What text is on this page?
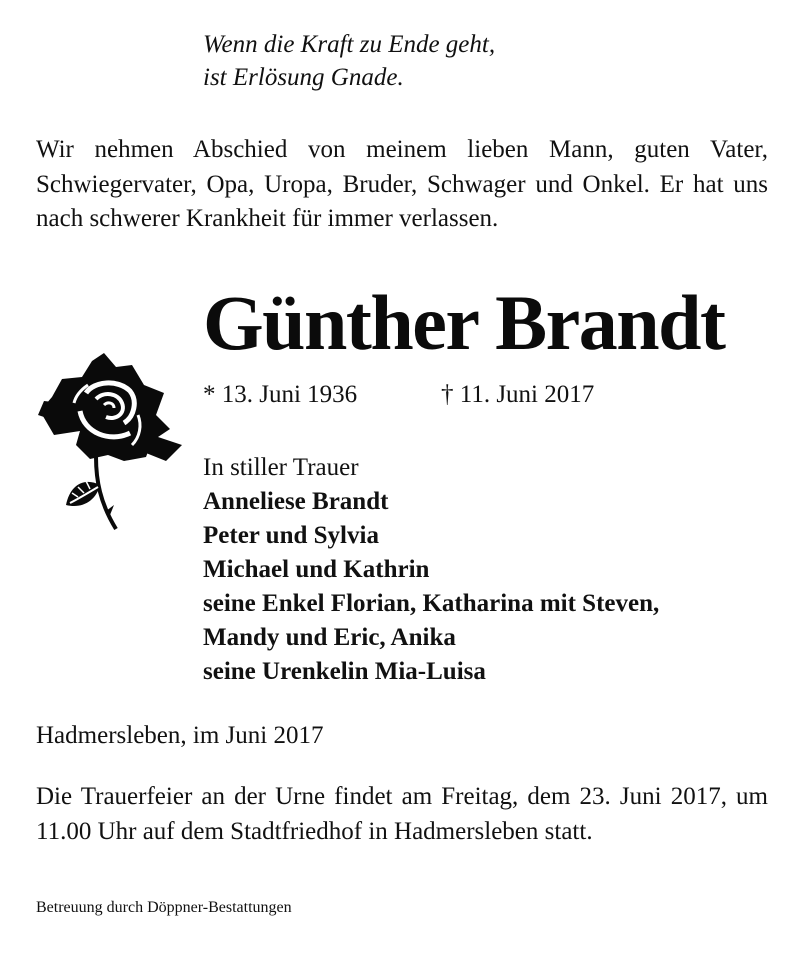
Wenn die Kraft zu Ende geht,
ist Erlösung Gnade.
Wir nehmen Abschied von meinem lieben Mann, guten Vater, Schwiegervater, Opa, Uropa, Bruder, Schwager und Onkel. Er hat uns nach schwerer Krankheit für immer verlassen.
Günther Brandt
* 13. Juni 1936	† 11. Juni 2017
In stiller Trauer
Anneliese Brandt
Peter und Sylvia
Michael und Kathrin
seine Enkel Florian, Katharina mit Steven,
Mandy und Eric, Anika
seine Urenkelin Mia-Luisa
Hadmersleben, im Juni 2017
Die Trauerfeier an der Urne findet am Freitag, dem 23. Juni 2017, um 11.00 Uhr auf dem Stadtfriedhof in Hadmersleben statt.
Betreuung durch Döppner-Bestattungen
